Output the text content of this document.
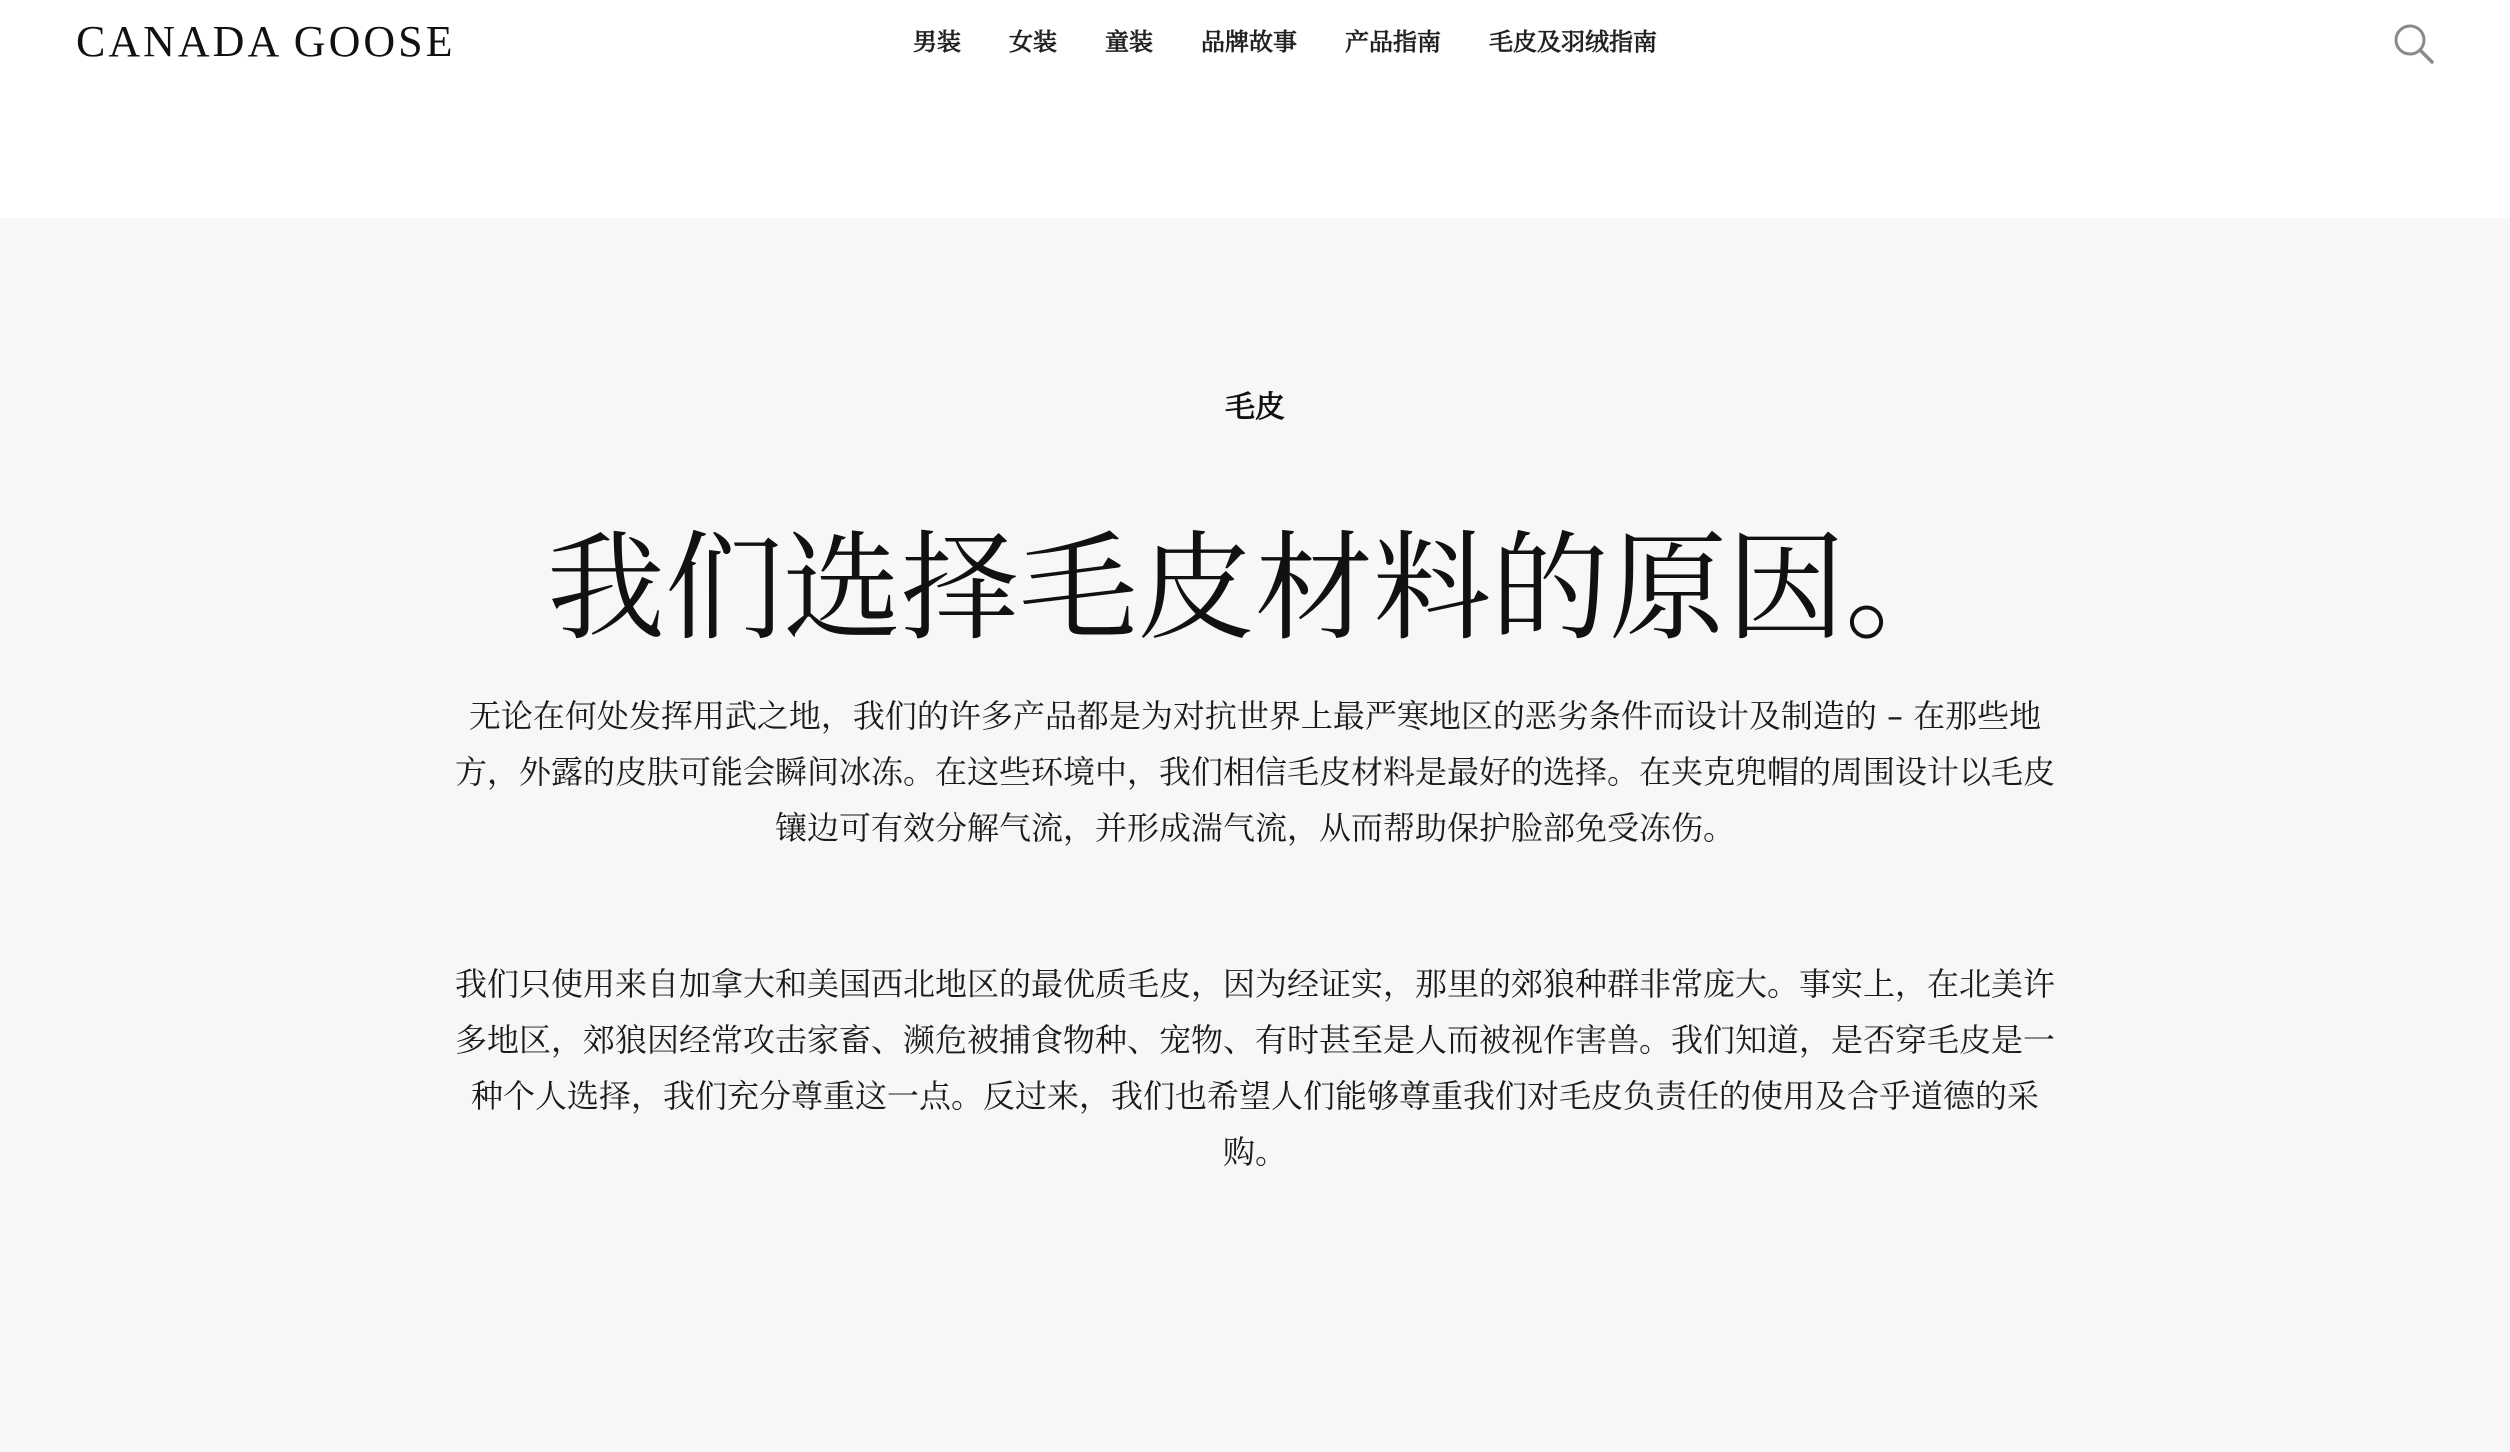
CANADA GOOSE	男装 女装 童装 品牌故事 产品指南 毛皮及羽绒指南
毛皮
我们选择毛皮材料的原因。

无论在何处发挥用武之地，我们的许多产品都是为对抗世界上最严寒地区的恶劣条件而设计及制造的 – 在那些地方，外露的皮肤可能会瞬间冰冻。在这些环境中，我们相信毛皮材料是最好的选择。在夹克兜帽的周围设计以毛皮镶边可有效分解气流，并形成湍气流，从而帮助保护脸部免受冻伤。

我们只使用来自加拿大和美国西北地区的最优质毛皮，因为经证实，那里的郊狼种群非常庞大。事实上，在北美许多地区，郊狼因经常攻击家畜、濒危被捕食物种、宠物、有时甚至是人而被视作害兽。我们知道，是否穿毛皮是一种个人选择，我们充分尊重这一点。反过来，我们也希望人们能够尊重我们对毛皮负责任的使用及合乎道德的采购。
